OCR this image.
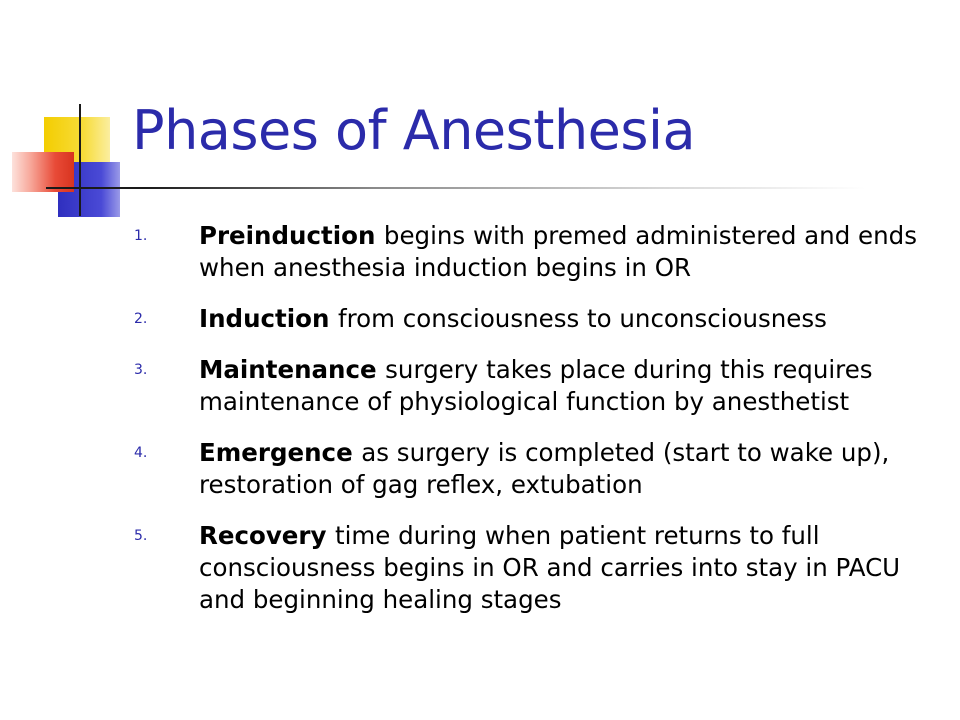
Phases of Anesthesia
1. Preinduction begins with premed administered and ends when anesthesia induction begins in OR
2. Induction from consciousness to unconsciousness
3. Maintenance surgery takes place during this requires maintenance of physiological function by anesthetist
4. Emergence as surgery is completed (start to wake up), restoration of gag reflex, extubation
5. Recovery time during when patient returns to full consciousness begins in OR and carries into stay in PACU and beginning healing stages
